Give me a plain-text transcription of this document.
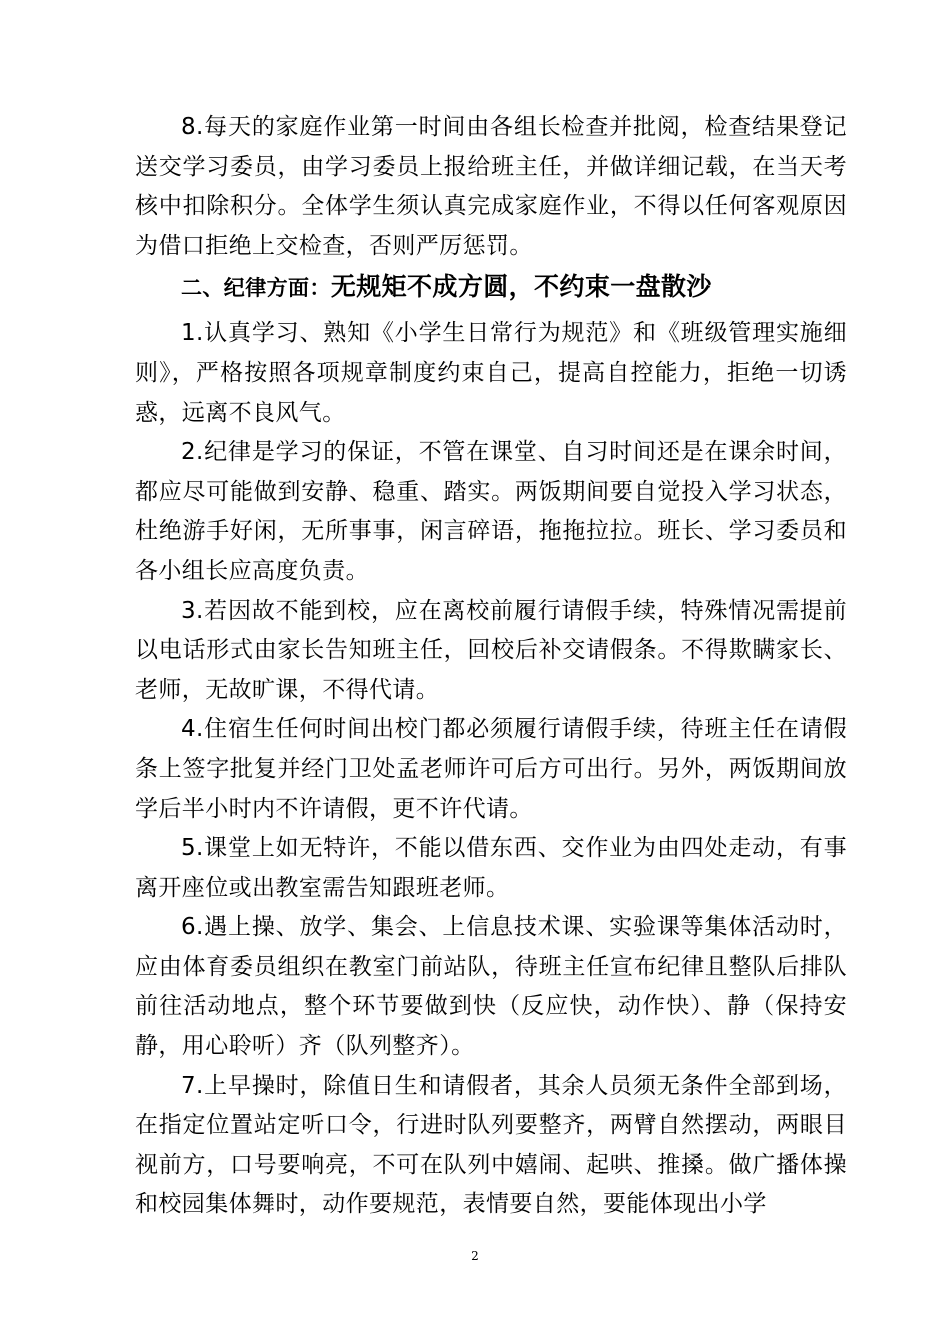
8.每天的家庭作业第一时间由各组长检查并批阅，检查结果登记送交学习委员，由学习委员上报给班主任，并做详细记载，在当天考核中扣除积分。全体学生须认真完成家庭作业，不得以任何客观原因为借口拒绝上交检查，否则严厉惩罚。

二、纪律方面：无规矩不成方圆，不约束一盘散沙

1.认真学习、熟知《小学生日常行为规范》和《班级管理实施细则》，严格按照各项规章制度约束自己，提高自控能力，拒绝一切诱惑，远离不良风气。

2.纪律是学习的保证，不管在课堂、自习时间还是在课余时间，都应尽可能做到安静、稳重、踏实。两饭期间要自觉投入学习状态，杜绝游手好闲，无所事事，闲言碎语，拖拖拉拉。班长、学习委员和各小组长应高度负责。

3.若因故不能到校，应在离校前履行请假手续，特殊情况需提前以电话形式由家长告知班主任，回校后补交请假条。不得欺瞒家长、老师，无故旷课，不得代请。

4.住宿生任何时间出校门都必须履行请假手续，待班主任在请假条上签字批复并经门卫处孟老师许可后方可出行。另外，两饭期间放学后半小时内不许请假，更不许代请。

5.课堂上如无特许，不能以借东西、交作业为由四处走动，有事离开座位或出教室需告知跟班老师。

6.遇上操、放学、集会、上信息技术课、实验课等集体活动时，应由体育委员组织在教室门前站队，待班主任宣布纪律且整队后排队前往活动地点，整个环节要做到快（反应快，动作快）、静（保持安静，用心聆听）齐（队列整齐）。

7.上早操时，除值日生和请假者，其余人员须无条件全部到场，在指定位置站定听口令，行进时队列要整齐，两臂自然摆动，两眼目视前方，口号要响亮，不可在队列中嬉闹、起哄、推搡。做广播体操和校园集体舞时，动作要规范，表情要自然，要能体现出小学

2
